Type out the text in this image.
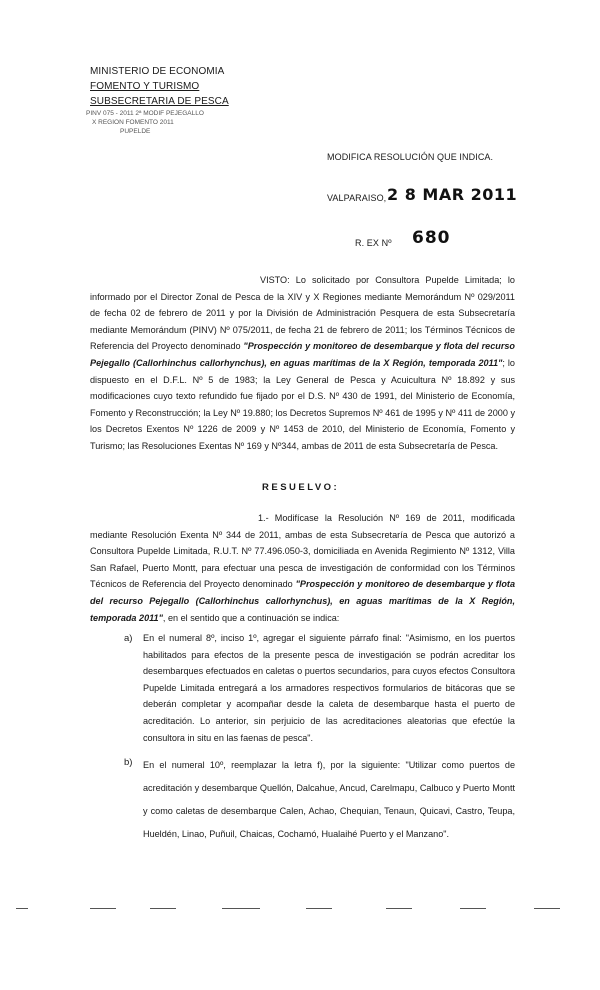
MINISTERIO DE ECONOMIA
FOMENTO Y TURISMO
SUBSECRETARIA DE PESCA
PINV 075 - 2011 2ª MODIF PEJEGALLO
X REGION FOMENTO 2011
PUPELDE
MODIFICA RESOLUCIÓN QUE INDICA.
VALPARAISO, 2 8 MAR 2011
R. EX Nº 680
VISTO: Lo solicitado por Consultora Pupelde Limitada; lo informado por el Director Zonal de Pesca de la XIV y X Regiones mediante Memorándum Nº 029/2011 de fecha 02 de febrero de 2011 y por la División de Administración Pesquera de esta Subsecretaría mediante Memorándum (PINV) Nº 075/2011, de fecha 21 de febrero de 2011; los Términos Técnicos de Referencia del Proyecto denominado "Prospección y monitoreo de desembarque y flota del recurso Pejegallo (Callorhinchus callorhynchus), en aguas marítimas de la X Región, temporada 2011"; lo dispuesto en el D.F.L. Nº 5 de 1983; la Ley General de Pesca y Acuicultura Nº 18.892 y sus modificaciones cuyo texto refundido fue fijado por el D.S. Nº 430 de 1991, del Ministerio de Economía, Fomento y Reconstrucción; la Ley Nº 19.880; los Decretos Supremos Nº 461 de 1995 y Nº 411 de 2000 y los Decretos Exentos Nº 1226 de 2009 y Nº 1453 de 2010, del Ministerio de Economía, Fomento y Turismo; las Resoluciones Exentas Nº 169 y Nº344, ambas de 2011 de esta Subsecretaría de Pesca.
RESUELVO:
1.- Modifícase la Resolución Nº 169 de 2011, modificada mediante Resolución Exenta Nº 344 de 2011, ambas de esta Subsecretaría de Pesca que autorizó a Consultora Pupelde Limitada, R.U.T. Nº 77.496.050-3, domiciliada en Avenida Regimiento Nº 1312, Villa San Rafael, Puerto Montt, para efectuar una pesca de investigación de conformidad con los Términos Técnicos de Referencia del Proyecto denominado "Prospección y monitoreo de desembarque y flota del recurso Pejegallo (Callorhinchus callorhynchus), en aguas marítimas de la X Región, temporada 2011", en el sentido que a continuación se indica:
a) En el numeral 8º, inciso 1º, agregar el siguiente párrafo final: "Asimismo, en los puertos habilitados para efectos de la presente pesca de investigación se podrán acreditar los desembarques efectuados en caletas o puertos secundarios, para cuyos efectos Consultora Pupelde Limitada entregará a los armadores respectivos formularios de bitácoras que se deberán completar y acompañar desde la caleta de desembarque hasta el puerto de acreditación. Lo anterior, sin perjuicio de las acreditaciones aleatorias que efectúe la consultora in situ en las faenas de pesca".
b) En el numeral 10º, reemplazar la letra f), por la siguiente: "Utilizar como puertos de acreditación y desembarque Quellón, Dalcahue, Ancud, Carelmapu, Calbuco y Puerto Montt y como caletas de desembarque Calen, Achao, Chequian, Tenaun, Quicavi, Castro, Teupa, Hueldén, Linao, Puñuil, Chaicas, Cochamó, Hualaihé Puerto y el Manzano".
